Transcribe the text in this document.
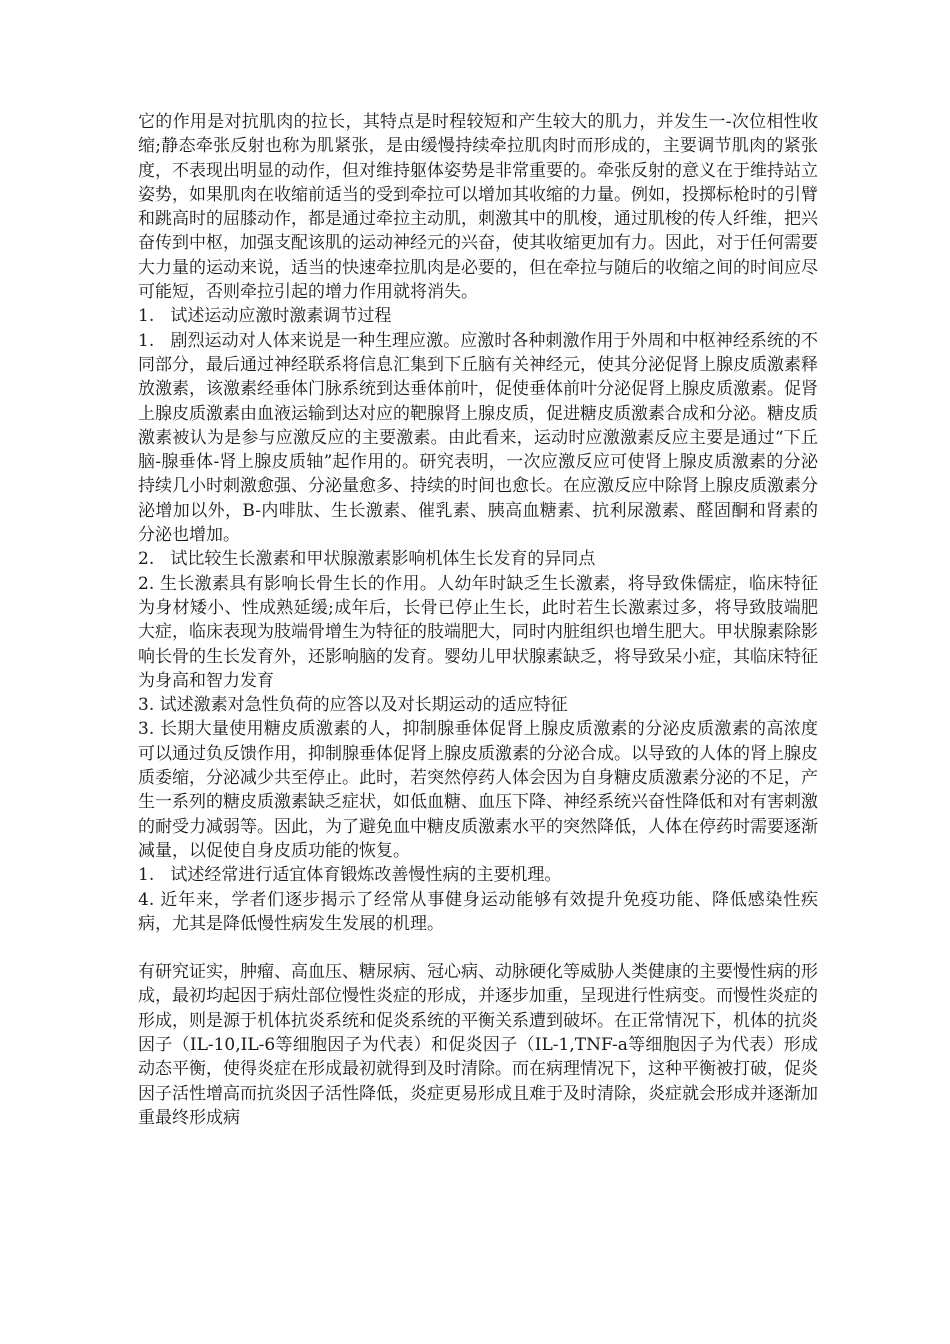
它的作用是对抗肌肉的拉长，其特点是时程较短和产生较大的肌力，并发生一-次位相性收缩;静态牵张反射也称为肌紧张，是由缓慢持续牵拉肌肉时而形成的，主要调节肌肉的紧张度，不表现出明显的动作，但对维持躯体姿势是非常重要的。牵张反射的意义在于维持站立姿势，如果肌肉在收缩前适当的受到牵拉可以增加其收缩的力量。例如，投掷标枪时的引臂和跳高时的屈膝动作，都是通过牵拉主动肌，刺激其中的肌梭，通过肌梭的传人纤维，把兴奋传到中枢，加强支配该肌的运动神经元的兴奋，使其收缩更加有力。因此，对于任何需要大力量的运动来说，适当的快速牵拉肌肉是必要的，但在牵拉与随后的收缩之间的时间应尽可能短，否则牵拉引起的增力作用就将消失。

1.   试述运动应激时激素调节过程

1.   剧烈运动对人体来说是一种生理应激。应激时各种刺激作用于外周和中枢神经系统的不同部分，最后通过神经联系将信息汇集到下丘脑有关神经元，使其分泌促肾上腺皮质激素释放激素，该激素经垂体门脉系统到达垂体前叶，促使垂体前叶分泌促肾上腺皮质激素。促肾上腺皮质激素由血液运输到达对应的靶腺肾上腺皮质，促进糖皮质激素合成和分泌。糖皮质激素被认为是参与应激反应的主要激素。由此看来，运动时应激激素反应主要是通过“下丘脑-腺垂体-肾上腺皮质轴”起作用的。研究表明，一次应激反应可使肾上腺皮质激素的分泌持续几小时刺激愈强、分泌量愈多、持续的时间也愈长。在应激反应中除肾上腺皮质激素分泌增加以外，B-内啡肽、生长激素、催乳素、胰高血糖素、抗利尿激素、醛固酮和肾素的分泌也增加。

2.   试比较生长激素和甲状腺激素影响机体生长发育的异同点

2. 生长激素具有影响长骨生长的作用。人幼年时缺乏生长激素，将导致侏儒症，临床特征为身材矮小、性成熟延缓;成年后，长骨已停止生长，此时若生长激素过多，将导致肢端肥大症，临床表现为肢端骨增生为特征的肢端肥大，同时内脏组织也增生肥大。甲状腺素除影响长骨的生长发育外，还影响脑的发育。婴幼儿甲状腺素缺乏，将导致呆小症，其临床特征为身高和智力发育

3. 试述激素对急性负荷的应答以及对长期运动的适应特征

3. 长期大量使用糖皮质激素的人，抑制腺垂体促肾上腺皮质激素的分泌皮质激素的高浓度可以通过负反馈作用，抑制腺垂体促肾上腺皮质激素的分泌合成。以导致的人体的肾上腺皮质委缩，分泌减少共至停止。此时，若突然停药人体会因为自身糖皮质激素分泌的不足，产生一系列的糖皮质激素缺乏症状，如低血糖、血压下降、神经系统兴奋性降低和对有害刺激的耐受力减弱等。因此，为了避免血中糖皮质激素水平的突然降低，人体在停药时需要逐渐减量，以促使自身皮质功能的恢复。

1.   试述经常进行适宜体育锻炼改善慢性病的主要机理。

4. 近年来，学者们逐步揭示了经常从事健身运动能够有效提升免疫功能、降低感染性疾病，尤其是降低慢性病发生发展的机理。

有研究证实，肿瘤、高血压、糖尿病、冠心病、动脉硬化等威胁人类健康的主要慢性病的形成，最初均起因于病灶部位慢性炎症的形成，并逐步加重，呈现进行性病变。而慢性炎症的形成，则是源于机体抗炎系统和促炎系统的平衡关系遭到破坏。在正常情况下，机体的抗炎因子（IL-10,IL-6等细胞因子为代表）和促炎因子（IL-1,TNF-a等细胞因子为代表）形成动态平衡，使得炎症在形成最初就得到及时清除。而在病理情况下，这种平衡被打破，促炎因子活性增高而抗炎因子活性降低，炎症更易形成且难于及时清除，炎症就会形成并逐渐加重最终形成病
